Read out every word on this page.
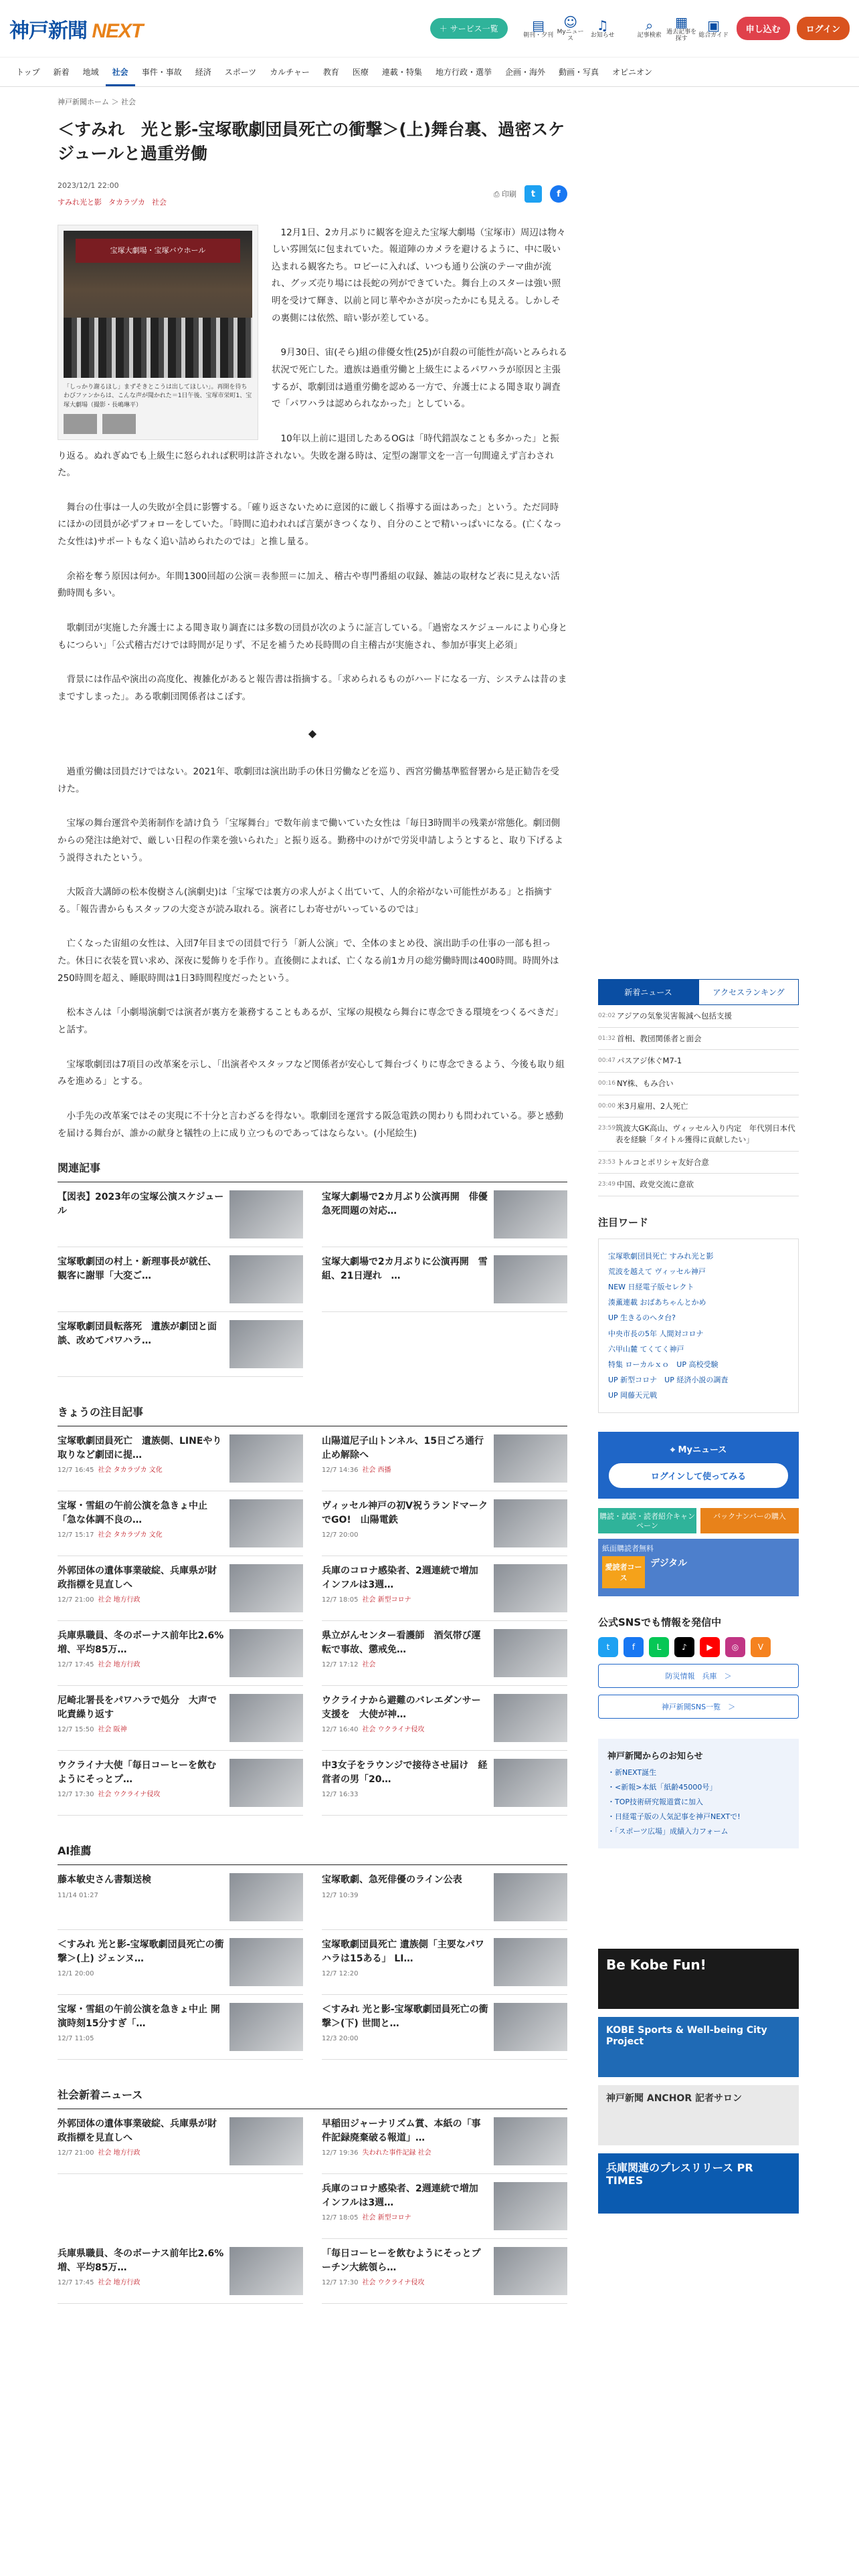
神戸新聞 NEXT	＋ サービス一覧	▤
朝刊・夕刊
☺
Myニュース
♫
お知らせ
⌕
記事検索
▦
過去記事を探す
▣
総合ガイド
申し込む	ログイン
トップ	新着	地域	社会	事件・事故	経済	スポーツ	カルチャー	教育	医療	連載・特集	地方行政・選挙	企画・海外	動画・写真	オピニオン
神戸新聞ホーム ＞ 社会
＜すみれ　光と影-宝塚歌劇団員死亡の衝撃＞(上)舞台裏、過密スケジュールと過重労働
2023/12/1 22:00
すみれ光と影 タカラヅカ 社会
⎙ 印刷	t	f
宝塚大劇場・宝塚バウホール
「しっかり謝るほし」まずそきとこうは出してほしい」。再開を待ちわびファンからは、こんな声が聞かれた＝1日午後、宝塚市栄町1、宝塚大劇場（撮影・長嶋琳平）

12月1日、2カ月ぶりに観客を迎えた宝塚大劇場（宝塚市）周辺は物々しい雰囲気に包まれていた。報道陣のカメラを避けるように、中に吸い込まれる観客たち。ロビーに入れば、いつも通り公演のテーマ曲が流れ、グッズ売り場には長蛇の列ができていた。舞台上のスターは強い照明を受けて輝き、以前と同じ華やかさが戻ったかにも見える。しかしその裏側には依然、暗い影が差している。

9月30日、宙(そら)組の俳優女性(25)が自殺の可能性が高いとみられる状況で死亡した。遺族は過重労働と上級生によるパワハラが原因と主張するが、歌劇団は過重労働を認める一方で、弁護士による聞き取り調査で「パワハラは認められなかった」としている。

10年以上前に退団したあるOGは「時代錯誤なことも多かった」と振り返る。ぬれぎぬでも上級生に怒られれば釈明は許されない。失敗を謝る時は、定型の謝罪文を一言一句間違えず言わされた。

舞台の仕事は一人の失敗が全員に影響する。「確り返さないために意図的に厳しく指導する面はあった」という。ただ同時にほかの団員が必ずフォローをしていた。「時間に追われれば言葉がきつくなり、自分のことで精いっぱいになる。(亡くなった女性は)サポートもなく追い詰められたのでは」と推し量る。

余裕を奪う原因は何か。年間1300回超の公演＝表参照＝に加え、稽古や専門番組の収録、雑誌の取材など表に見えない活動時間も多い。

歌劇団が実施した弁護士による聞き取り調査には多数の団員が次のように証言している。「過密なスケジュールにより心身ともにつらい」「公式稽古だけでは時間が足りず、不足を補うため長時間の自主稽古が実施され、参加が事実上必須」

背景には作品や演出の高度化、複雑化があると報告書は指摘する。「求められるものがハードになる一方、システムは昔のままですしまった」。ある歌劇団関係者はこぼす。

◆

過重労働は団員だけではない。2021年、歌劇団は演出助手の休日労働などを巡り、西宮労働基準監督署から是正勧告を受けた。

宝塚の舞台運営や美術制作を請け負う「宝塚舞台」で数年前まで働いていた女性は「毎日3時間半の残業が常態化。劇団側からの発注は絶対で、厳しい日程の作業を強いられた」と振り返る。勤務中のけがで労災申請しようとすると、取り下げるよう説得されたという。

大阪音大講師の松本俊樹さん(演劇史)は「宝塚では裏方の求人がよく出ていて、人的余裕がない可能性がある」と指摘する。「報告書からもスタッフの大変さが読み取れる。演者にしわ寄せがいっているのでは」

亡くなった宙組の女性は、入団7年目までの団員で行う「新人公演」で、全体のまとめ役、演出助手の仕事の一部も担った。休日に衣装を買い求め、深夜に髪飾りを手作り。直後側によれば、亡くなる前1カ月の総労働時間は400時間。時間外は250時間を超え、睡眠時間は1日3時間程度だったという。

松本さんは「小劇場演劇では演者が裏方を兼務することもあるが、宝塚の規模なら舞台に専念できる環境をつくるべきだ」と話す。

宝塚歌劇団は7項目の改革案を示し、「出演者やスタッフなど関係者が安心して舞台づくりに専念できるよう、今後も取り組みを進める」とする。

小手先の改革案ではその実現に不十分と言わざるを得ない。歌劇団を運営する阪急電鉄の関わりも問われている。夢と感動を届ける舞台が、誰かの献身と犠牲の上に成り立つものであってはならない。(小尾絵生)

関連記事
【図表】2023年の宝塚公演スケジュール
宝塚大劇場で2カ月ぶり公演再開　俳優急死問題の対応…
宝塚歌劇団の村上・新理事長が就任、観客に謝罪「大変ご…
宝塚大劇場で2カ月ぶりに公演再開　雪組、21日遅れ　…
宝塚歌劇団員転落死　遺族が劇団と面談、改めてパワハラ…
きょうの注目記事
宝塚歌劇団員死亡　遺族側、LINEやり取りなど劇団に提…
12/7 16:45 社会 タカラヅカ 文化
山陽道尼子山トンネル、15日ごろ通行止め解除へ
12/7 14:36 社会 西播
宝塚・雪組の午前公演を急きょ中止「急な体調不良の…
12/7 15:17 社会 タカラヅカ 文化
ヴィッセル神戸の初V祝うランドマークでGO!　山陽電鉄
12/7 20:00
外郭団体の遺体事業破綻、兵庫県が財政指標を見直しへ
12/7 21:00 社会 地方行政
兵庫のコロナ感染者、2週連続で増加　インフルは3週…
12/7 18:05 社会 新型コロナ
兵庫県職員、冬のボーナス前年比2.6%増、平均85万…
12/7 17:45 社会 地方行政
県立がんセンター看護師　酒気帯び運転で事故、懲戒免…
12/7 17:12 社会
尼崎北署長をパワハラで処分　大声で叱責繰り返す
12/7 15:50 社会 阪神
ウクライナから避難のバレエダンサー支援を　大使が神…
12/7 16:40 社会 ウクライナ侵攻
ウクライナ大使「毎日コーヒーを飲むようにそっとプ…
12/7 17:30 社会 ウクライナ侵攻
中3女子をラウンジで接待させ届け　経営者の男「20…
12/7 16:33
AI推薦
藤本敏史さん書類送検
11/14 01:27
宝塚歌劇、急死俳優のライン公表
12/7 10:39
＜すみれ 光と影-宝塚歌劇団員死亡の衝撃＞(上) ジェンヌ…
12/1 20:00
宝塚歌劇団員死亡 遺族側「主要なパワハラは15ある」 LI…
12/7 12:20
宝塚・雪組の午前公演を急きょ中止 開演時刻15分すぎ「…
12/7 11:05
＜すみれ 光と影-宝塚歌劇団員死亡の衝撃＞(下) 世間と…
12/3 20:00
社会新着ニュース
外郭団体の遺体事業破綻、兵庫県が財政指標を見直しへ
12/7 21:00 社会 地方行政
早稲田ジャーナリズム賞、本紙の「事件記録廃棄破る報道」…
12/7 19:36 失われた事件記録 社会
兵庫のコロナ感染者、2週連続で増加　インフルは3週…
12/7 18:05 社会 新型コロナ
兵庫県職員、冬のボーナス前年比2.6%増、平均85万…
12/7 17:45 社会 地方行政
「毎日コーヒーを飲むようにそっとプーチン大統領ら…
12/7 17:30 社会 ウクライナ侵攻
新着ニュース	アクセスランキング
02:02 アジアの気象災害報減へ包括支援
01:32 首相、教団関係者と面会
00:47 パスアジ休ぐM7-1
00:16 NY株、もみ合い
00:00 米3月雇用、2人死亡
23:59 筑波大GK高山、ヴィッセル入り内定　年代別日本代表を経験「タイトル獲得に貢献したい」
23:53 トルコとポリシャ友好合意
23:49 中国、政党交流に意欲
注目ワード
宝塚歌劇団員死亡 すみれ光と影
荒波を越えて ヴィッセル神戸
NEW 日経電子版セレクト
湊薫連載 おばあちゃんとかめ
UP 生きるのへタ台?
中央市長の5年 人間対コロナ
六甲山麓 てくてく神戸
特集 ローカルｘｏ　UP 高校受験
UP 新型コロナ　UP 経済小説の調査
UP 岡藤天元戦
⌖ Myニュース
ログインして使ってみる
購読・試読・読者紹介キャンペーン
バックナンバーの購入
紙面購読者無料
愛読者コース
デジタル
公式SNSでも情報を発信中
t	f	L	♪	▶	◎	V
防災情報　兵庫　＞
神戸新聞SNS一覧　＞
神戸新聞からのお知らせ
・新NEXT誕生
・<新報>本紙「紙齢45000号」
・TOP技術研究報道賞に加入
・日経電子版の人気記事を神戸NEXTで!
・「スポーツ広場」成績入力フォーム
Be Kobe Fun!
KOBE Sports & Well-being City Project
神戸新聞 ANCHOR 記者サロン
兵庫関連のプレスリリース PR TIMES
